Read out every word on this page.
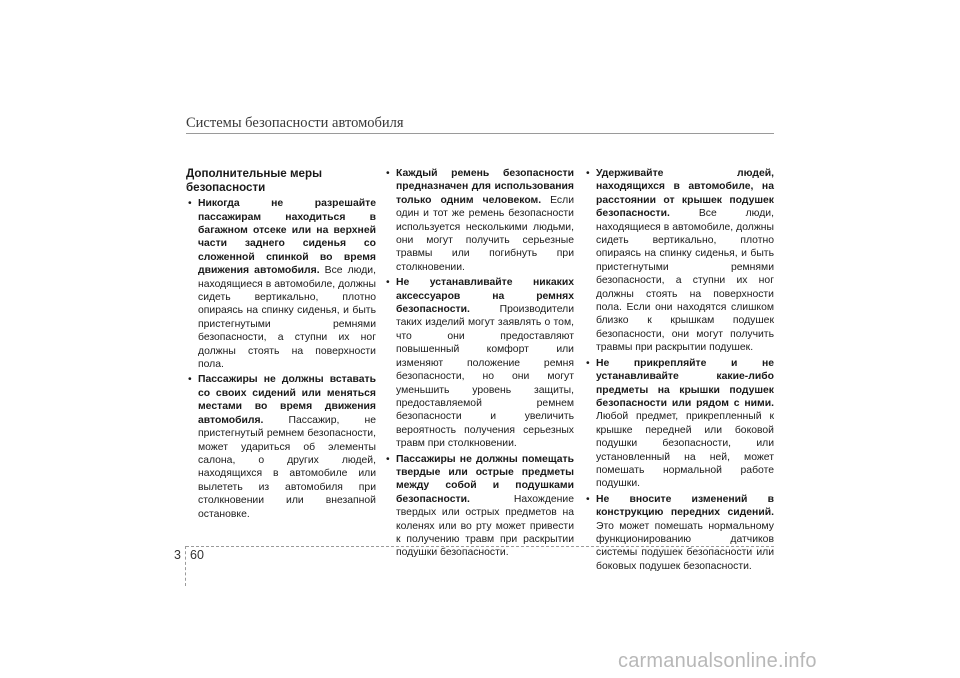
Системы безопасности автомобиля
Дополнительные меры безопасности
• Никогда не разрешайте пассажирам находиться в багажном отсеке или на верхней части заднего сиденья со сложенной спинкой во время движения автомобиля. Все люди, находящиеся в автомобиле, должны сидеть вертикально, плотно опираясь на спинку сиденья, и быть пристегнутыми ремнями безопасности, а ступни их ног должны стоять на поверхности пола.
• Пассажиры не должны вставать со своих сидений или меняться местами во время движения автомобиля. Пассажир, не пристегнутый ремнем безопасности, может удариться об элементы салона, о других людей, находящихся в автомобиле или вылететь из автомобиля при столкновении или внезапной остановке.
• Каждый ремень безопасности предназначен для использования только одним человеком. Если один и тот же ремень безопасности используется несколькими людьми, они могут получить серьезные травмы или погибнуть при столкновении.
• Не устанавливайте никаких аксессуаров на ремнях безопасности. Производители таких изделий могут заявлять о том, что они предоставляют повышенный комфорт или изменяют положение ремня безопасности, но они могут уменьшить уровень защиты, предоставляемой ремнем безопасности и увеличить вероятность получения серьезных травм при столкновении.
• Пассажиры не должны помещать твердые или острые предметы между собой и подушками безопасности. Нахождение твердых или острых предметов на коленях или во рту может привести к получению травм при раскрытии подушки безопасности.
• Удерживайте людей, находящихся в автомобиле, на расстоянии от крышек подушек безопасности. Все люди, находящиеся в автомобиле, должны сидеть вертикально, плотно опираясь на спинку сиденья, и быть пристегнутыми ремнями безопасности, а ступни их ног должны стоять на поверхности пола. Если они находятся слишком близко к крышкам подушек безопасности, они могут получить травмы при раскрытии подушек.
• Не прикрепляйте и не устанавливайте какие-либо предметы на крышки подушек безопасности или рядом с ними. Любой предмет, прикрепленный к крышке передней или боковой подушки безопасности, или установленный на ней, может помешать нормальной работе подушки.
• Не вносите изменений в конструкцию передних сидений. Это может помешать нормальному функционированию датчиков системы подушек безопасности или боковых подушек безопасности.
3 60
carmanualsonline.info
